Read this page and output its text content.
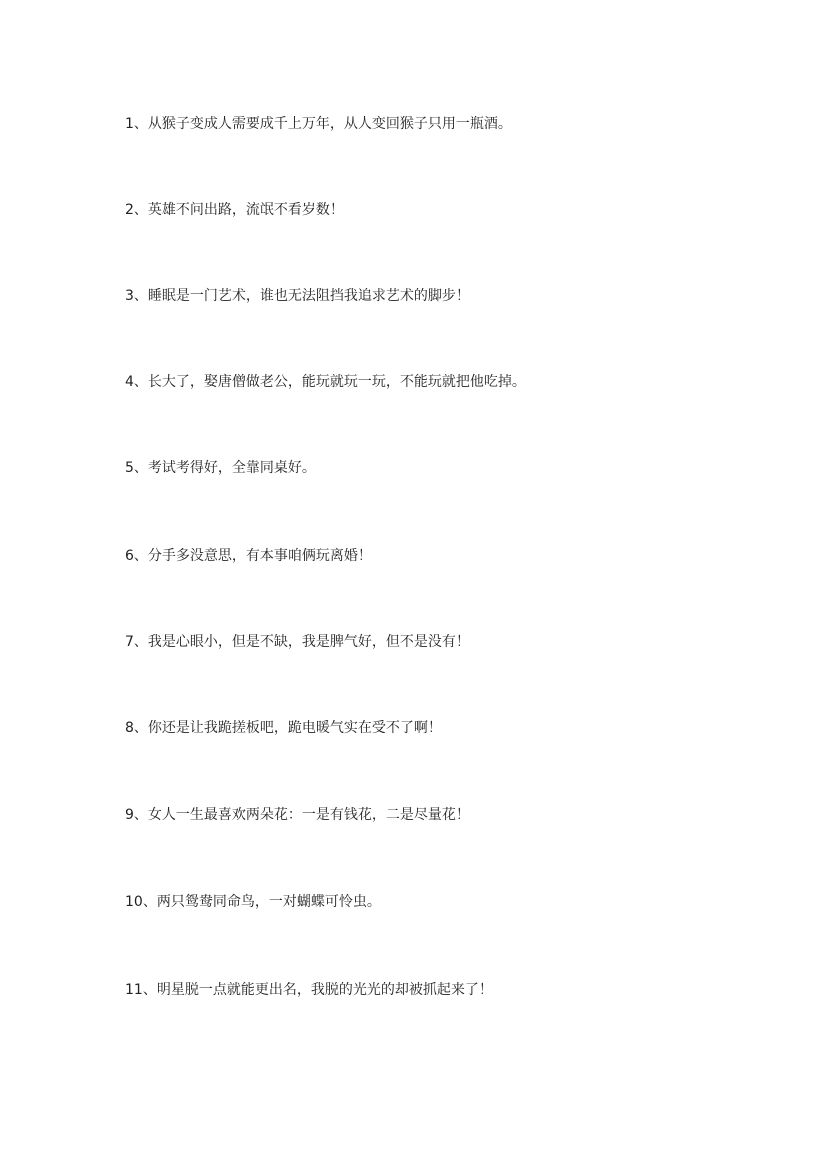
1、从猴子变成人需要成千上万年，从人变回猴子只用一瓶酒。
2、英雄不问出路，流氓不看岁数！
3、睡眠是一门艺术，谁也无法阻挡我追求艺术的脚步！
4、长大了，娶唐僧做老公，能玩就玩一玩，不能玩就把他吃掉。
5、考试考得好，全靠同桌好。
6、分手多没意思，有本事咱俩玩离婚！
7、我是心眼小，但是不缺，我是脾气好，但不是没有！
8、你还是让我跪搓板吧，跪电暖气实在受不了啊！
9、女人一生最喜欢两朵花：一是有钱花，二是尽量花！
10、两只鸳鸯同命鸟，一对蝴蝶可怜虫。
11、明星脱一点就能更出名，我脱的光光的却被抓起来了！
